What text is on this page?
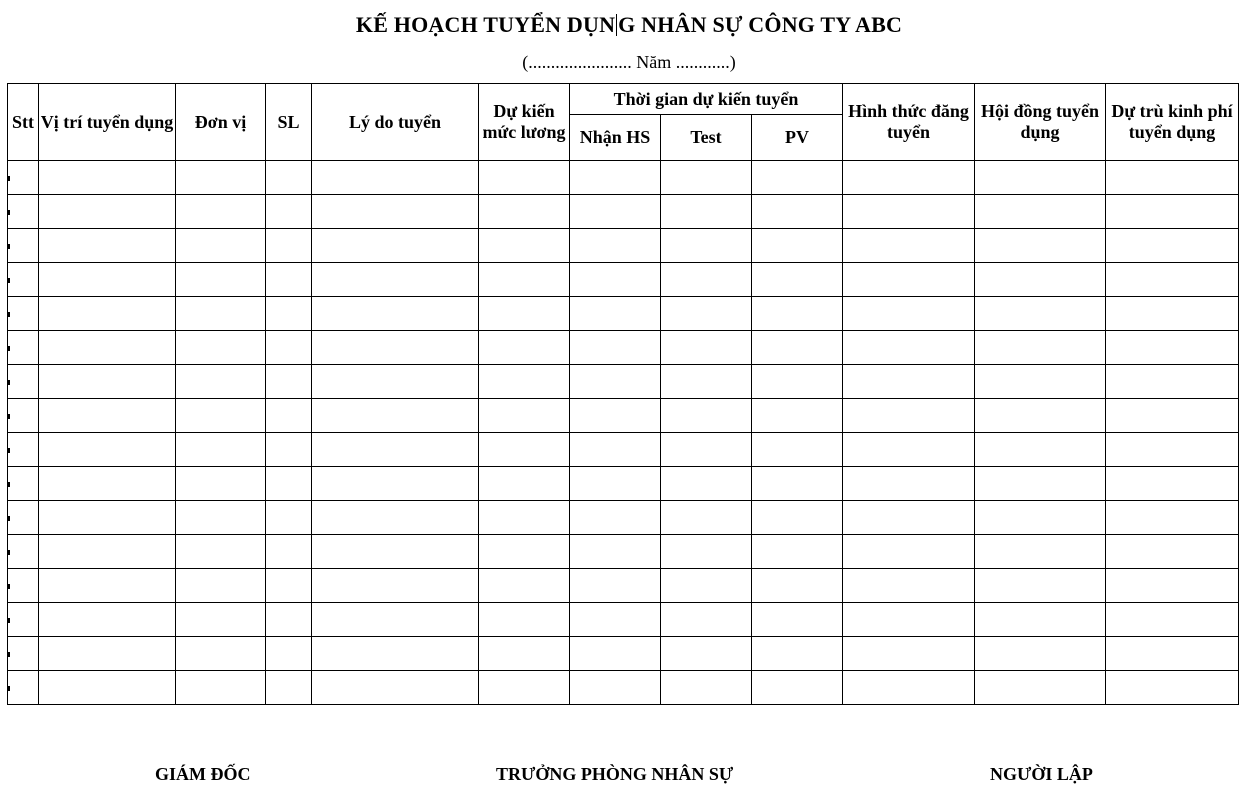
KẾ HOẠCH TUYỂN DỤN G NHÂN SỰ CÔNG TY ABC
(....................... Năm ............)
Stt	Vị trí tuyển dụng	Đơn vị	SL	Lý do tuyển	Dự kiến mức lương	Thời gian dự kiến tuyển			Hình thức đăng tuyển	Hội đồng tuyển dụng	Dự trù kinh phí tuyển dụng
						Nhận HS	Test	PV			

GIÁM ĐỐC	TRƯỞNG PHÒNG NHÂN SỰ	NGƯỜI LẬP
